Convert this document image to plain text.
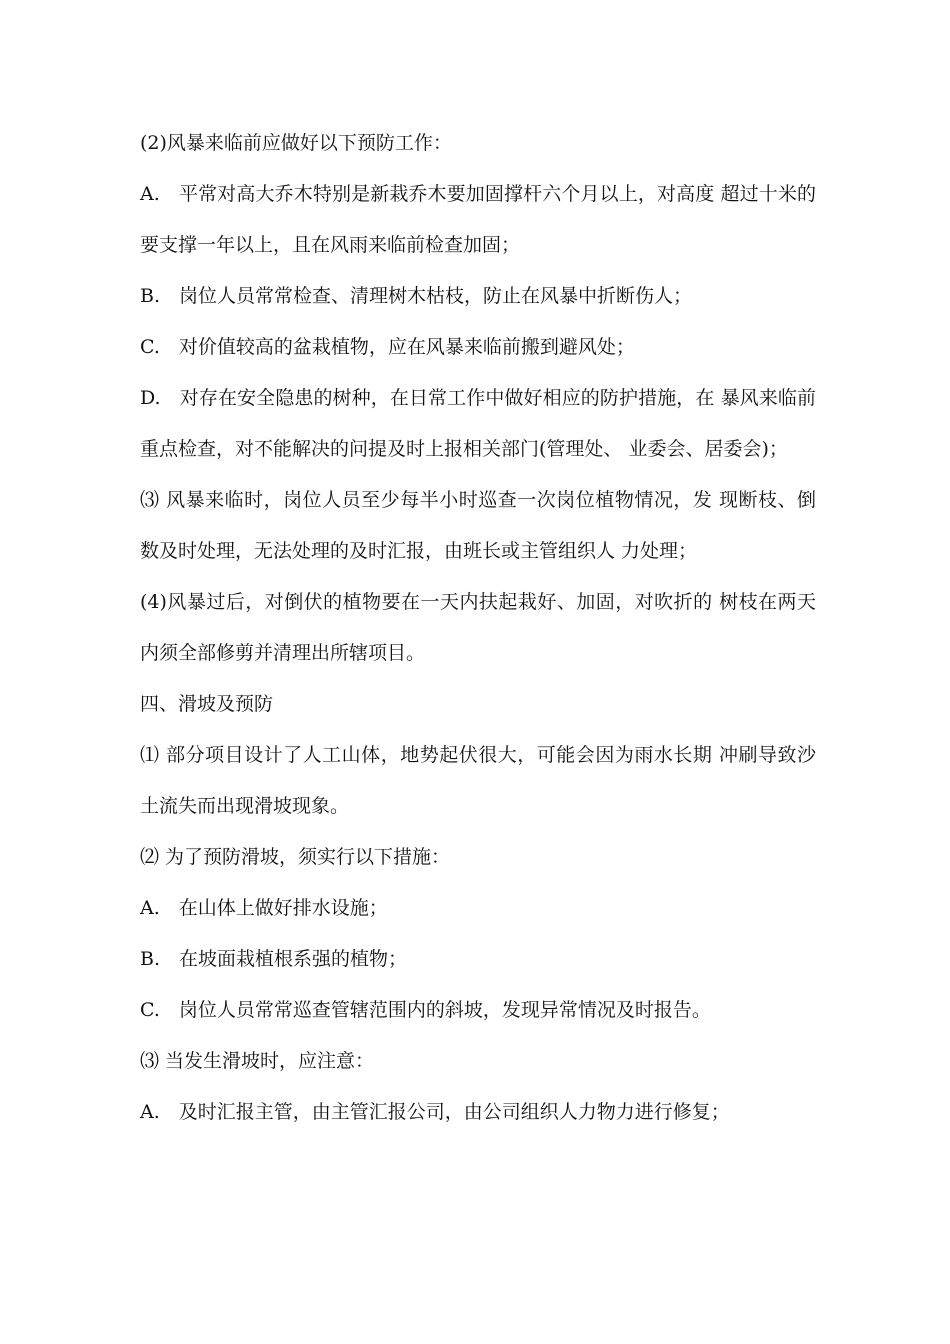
(2)风暴来临前应做好以下预防工作：
A.　平常对高大乔木特别是新栽乔木要加固撑杆六个月以上，对高度 超过十米的要支撑一年以上，且在风雨来临前检查加固；
B.　岗位人员常常检查、清理树木枯枝，防止在风暴中折断伤人；
C.　对价值较高的盆栽植物，应在风暴来临前搬到避风处；
D.　对存在安全隐患的树种，在日常工作中做好相应的防护措施，在 暴风来临前重点检查，对不能解决的问提及时上报相关部门(管理处、 业委会、居委会)；
⑶ 风暴来临时，岗位人员至少每半小时巡查一次岗位植物情况，发 现断枝、倒数及时处理，无法处理的及时汇报，由班长或主管组织人 力处理；
(4)风暴过后，对倒伏的植物要在一天内扶起栽好、加固，对吹折的 树枝在两天内须全部修剪并清理出所辖项目。
四、滑坡及预防
⑴ 部分项目设计了人工山体，地势起伏很大，可能会因为雨水长期 冲刷导致沙土流失而出现滑坡现象。
⑵ 为了预防滑坡，须实行以下措施：
A.　在山体上做好排水设施；
B.　在坡面栽植根系强的植物；
C.　岗位人员常常巡查管辖范围内的斜坡，发现异常情况及时报告。
⑶ 当发生滑坡时，应注意：
A.　及时汇报主管，由主管汇报公司，由公司组织人力物力进行修复；
